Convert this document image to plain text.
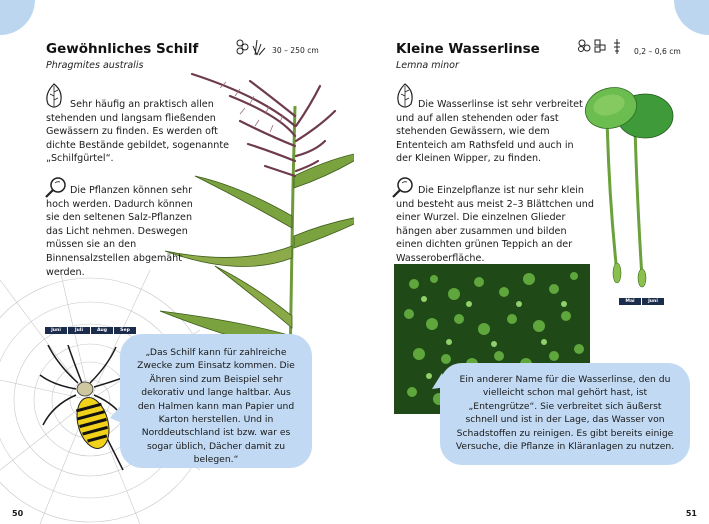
Gewöhnliches Schilf

Phragmites australis

30 – 250 cm

Sehr häufig an praktisch allen stehenden und langsam fließenden Gewässern zu finden. Es werden oft dichte Bestände gebildet, sogenannte „Schilfgürtel“.

Die Pflanzen können sehr hoch werden. Dadurch können sie den seltenen Salz-Pflanzen das Licht nehmen. Deswegen müssen sie an den Binnensalzstellen abgemäht werden.

Juni	Juli	Aug	Sep

„Das Schilf kann für zahlreiche Zwecke zum Einsatz kommen. Die Ähren sind zum Beispiel sehr dekorativ und lange haltbar. Aus den Halmen kann man Papier und Karton herstellen. Und in Norddeutschland ist bzw. war es sogar üblich, Dächer damit zu belegen.“

50

Kleine Wasserlinse

Lemna minor

0,2 – 0,6 cm

Die Wasserlinse ist sehr verbreitet und auf allen stehenden oder fast stehenden Gewässern, wie dem Ententeich am Rathsfeld und auch in der Kleinen Wipper, zu finden.

Die Einzelpflanze ist nur sehr klein und besteht aus meist 2–3 Blättchen und einer Wurzel. Die einzelnen Glieder hängen aber zusammen und bilden einen dichten grünen Teppich an der Wasseroberfläche.

Mai	Juni

Ein anderer Name für die Wasserlinse, den du vielleicht schon mal gehört hast, ist „Entengrütze“. Sie verbreitet sich äußerst schnell und ist in der Lage, das Wasser von Schadstoffen zu reinigen. Es gibt bereits einige Versuche, die Pflanze in Kläranlagen zu nutzen.

51
